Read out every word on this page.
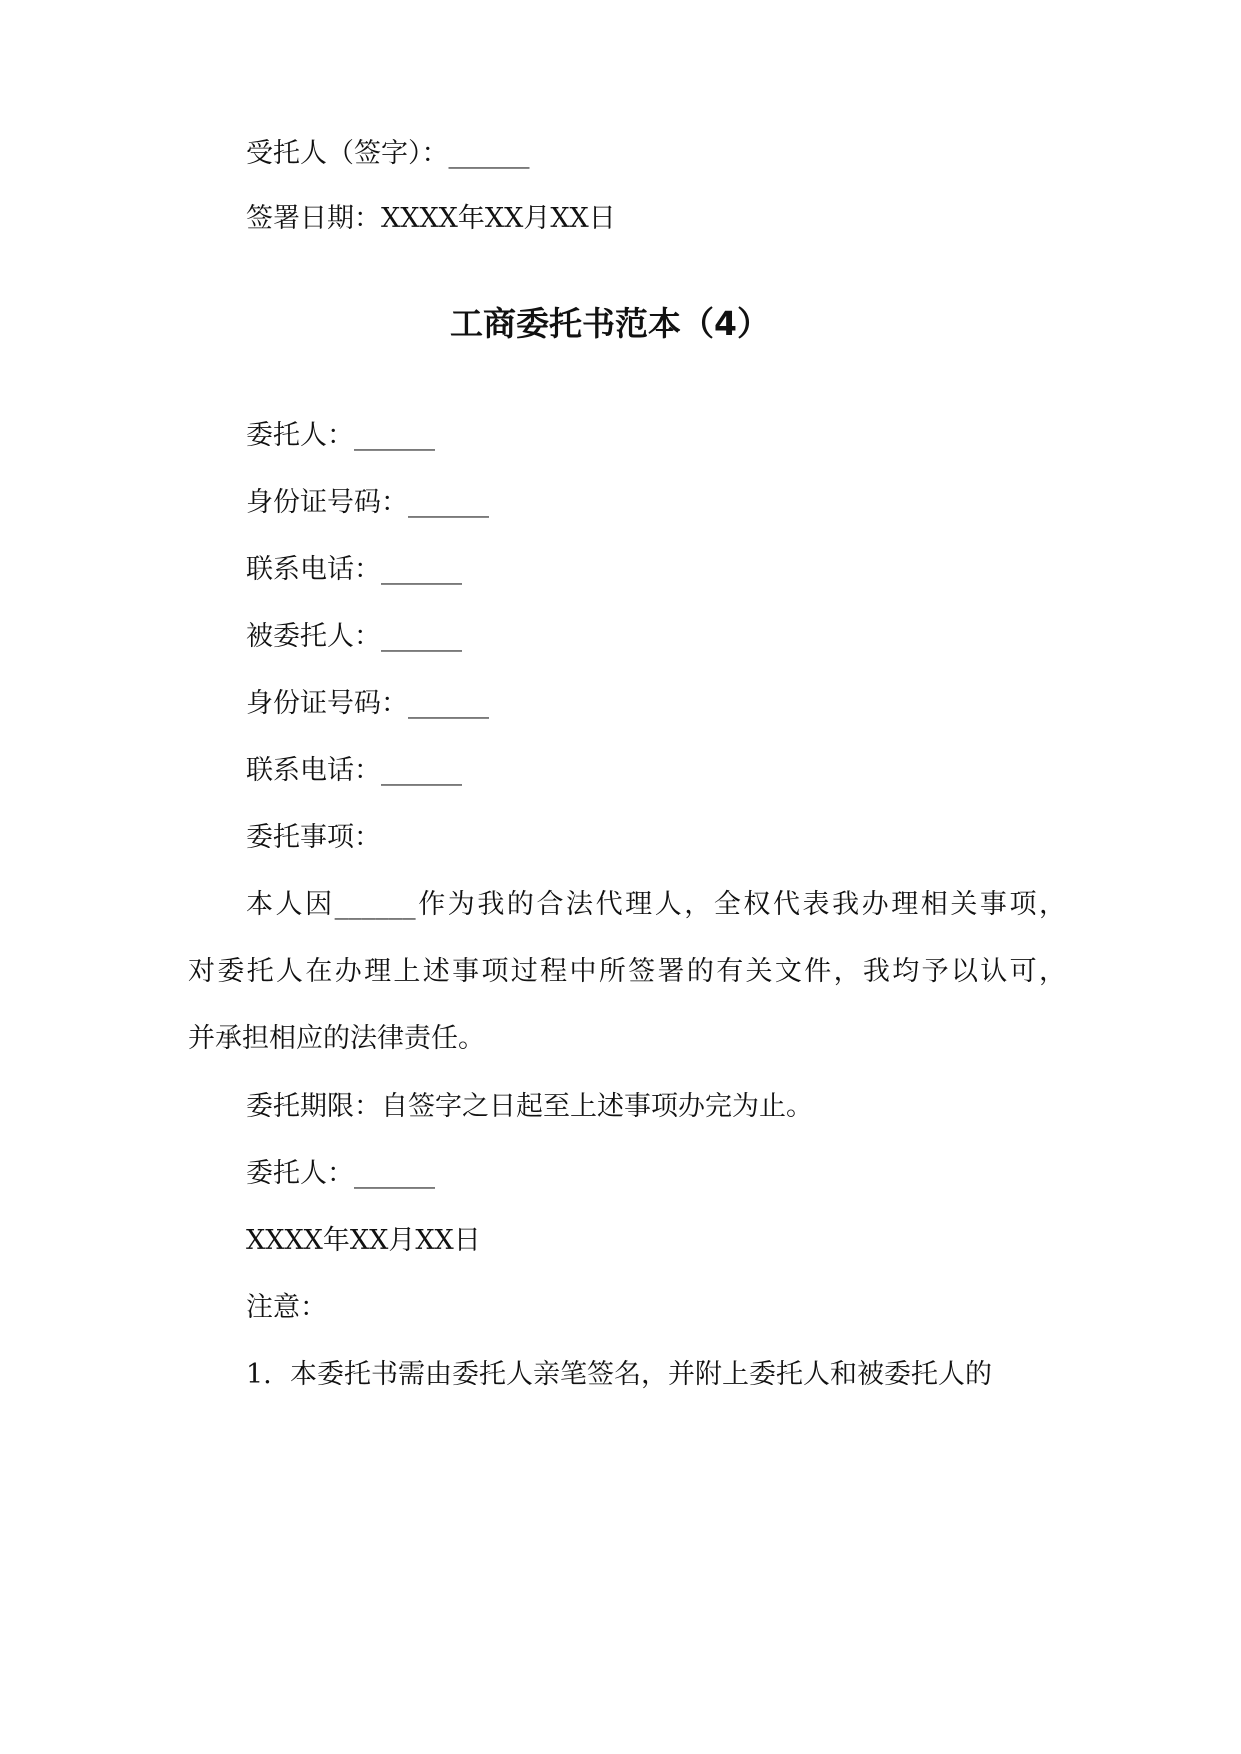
受托人（签字）：______
签署日期：XXXX年XX月XX日
工商委托书范本（4）
委托人：______
身份证号码：______
联系电话：______
被委托人：______
身份证号码：______
联系电话：______
委托事项：
本人因______作为我的合法代理人，全权代表我办理相关事项，
对委托人在办理上述事项过程中所签署的有关文件，我均予以认可，
并承担相应的法律责任。
委托期限：自签字之日起至上述事项办完为止。
委托人：______
XXXX年XX月XX日
注意：
1. 本委托书需由委托人亲笔签名，并附上委托人和被委托人的
